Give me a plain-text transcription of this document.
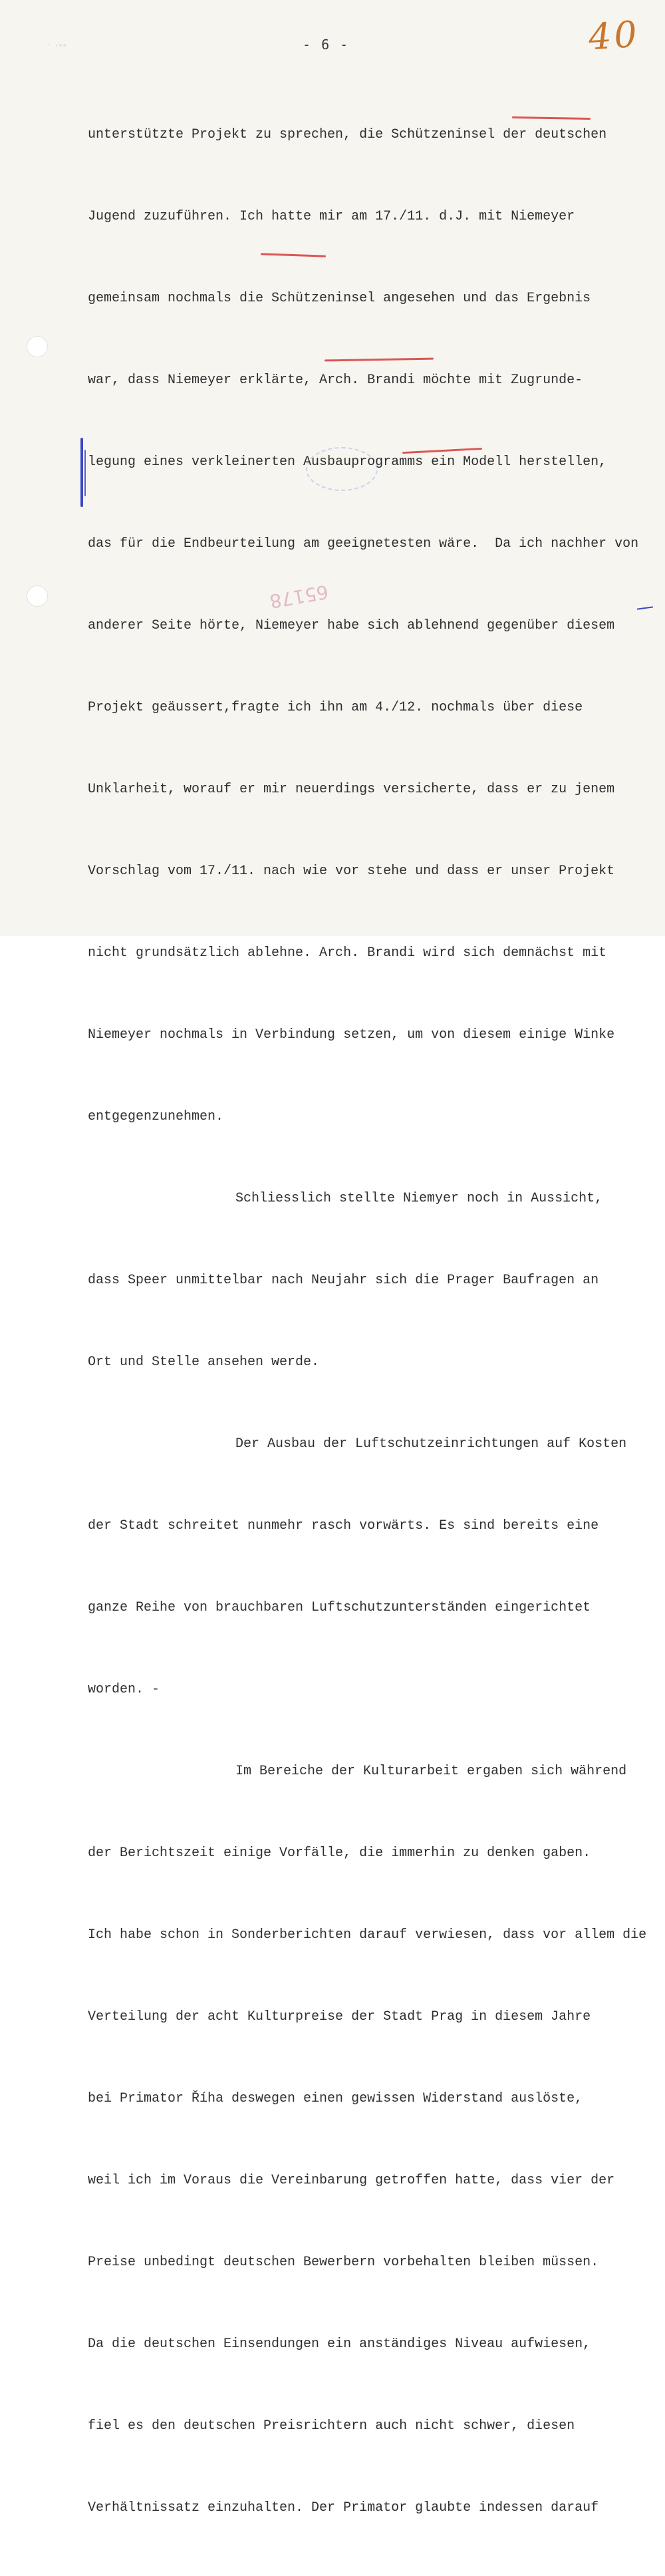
- ₍₀₀	- 6 -	40
65178

unterstützte Projekt zu sprechen, die Schützeninsel der deutschen

Jugend zuzuführen. Ich hatte mir am 17./11. d.J. mit Niemeyer

gemeinsam nochmals die Schützeninsel angesehen und das Ergebnis

war, dass Niemeyer erklärte, Arch. Brandi möchte mit Zugrunde-

legung eines verkleinerten Ausbauprogramms ein Modell herstellen,

das für die Endbeurteilung am geeignetesten wäre.  Da ich nachher von

anderer Seite hörte, Niemeyer habe sich ablehnend gegenüber diesem

Projekt geäussert,fragte ich ihn am 4./12. nochmals über diese

Unklarheit, worauf er mir neuerdings versicherte, dass er zu jenem

Vorschlag vom 17./11. nach wie vor stehe und dass er unser Projekt

nicht grundsätzlich ablehne. Arch. Brandi wird sich demnächst mit

Niemeyer nochmals in Verbindung setzen, um von diesem einige Winke

entgegenzunehmen.

Schliesslich stellte Niemyer noch in Aussicht,

dass Speer unmittelbar nach Neujahr sich die Prager Baufragen an

Ort und Stelle ansehen werde.

Der Ausbau der Luftschutzeinrichtungen auf Kosten

der Stadt schreitet nunmehr rasch vorwärts. Es sind bereits eine

ganze Reihe von brauchbaren Luftschutzunterständen eingerichtet

worden. -

Im Bereiche der Kulturarbeit ergaben sich während

der Berichtszeit einige Vorfälle, die immerhin zu denken gaben.

Ich habe schon in Sonderberichten darauf verwiesen, dass vor allem die

Verteilung der acht Kulturpreise der Stadt Prag in diesem Jahre

bei Primator Říha deswegen einen gewissen Widerstand auslöste,

weil ich im Voraus die Vereinbarung getroffen hatte, dass vier der

Preise unbedingt deutschen Bewerbern vorbehalten bleiben müssen.

Da die deutschen Einsendungen ein anständiges Niveau aufwiesen,

fiel es den deutschen Preisrichtern auch nicht schwer, diesen

Verhältnissatz einzuhalten. Der Primator glaubte indessen darauf
